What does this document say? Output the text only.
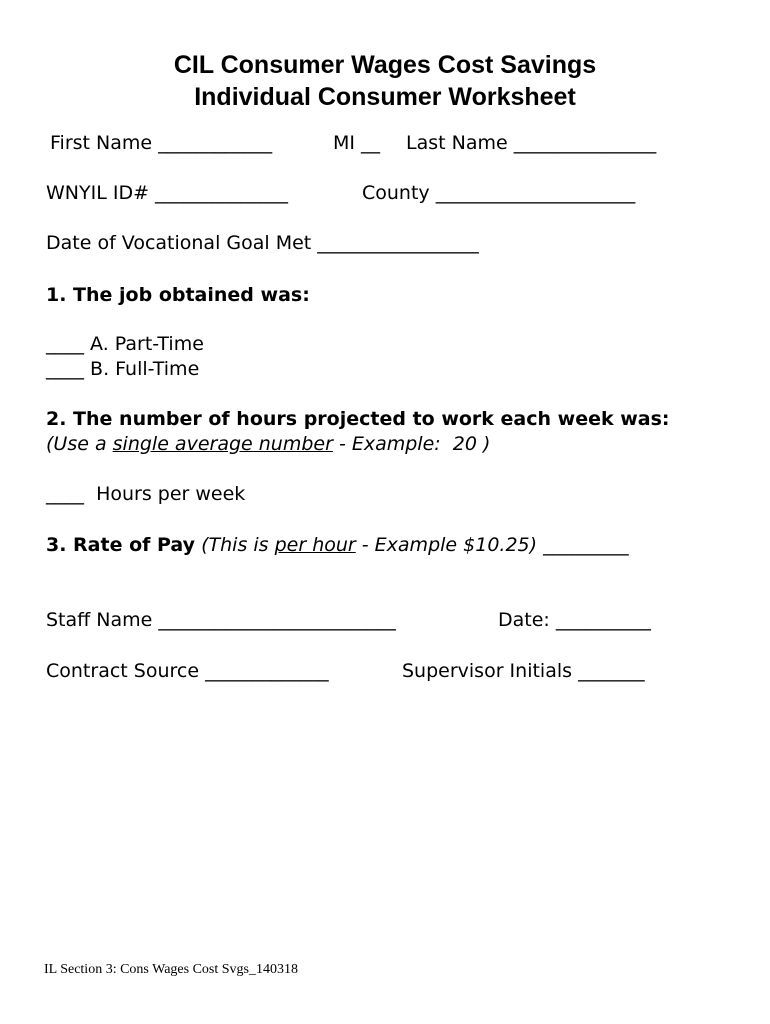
CIL Consumer Wages Cost Savings
Individual Consumer Worksheet
First Name ____________	MI __ Last Name _______________
WNYIL ID# ______________	County _____________________
Date of Vocational Goal Met _________________
1. The job obtained was:
____ A. Part-Time
____ B. Full-Time
2. The number of hours projected to work each week was:
(Use a single average number - Example:  20 )
____  Hours per week
3. Rate of Pay (This is per hour - Example $10.25) _________
Staff Name _________________________	Date: __________
Contract Source _____________	Supervisor Initials _______
IL Section 3: Cons Wages Cost Svgs_140318
